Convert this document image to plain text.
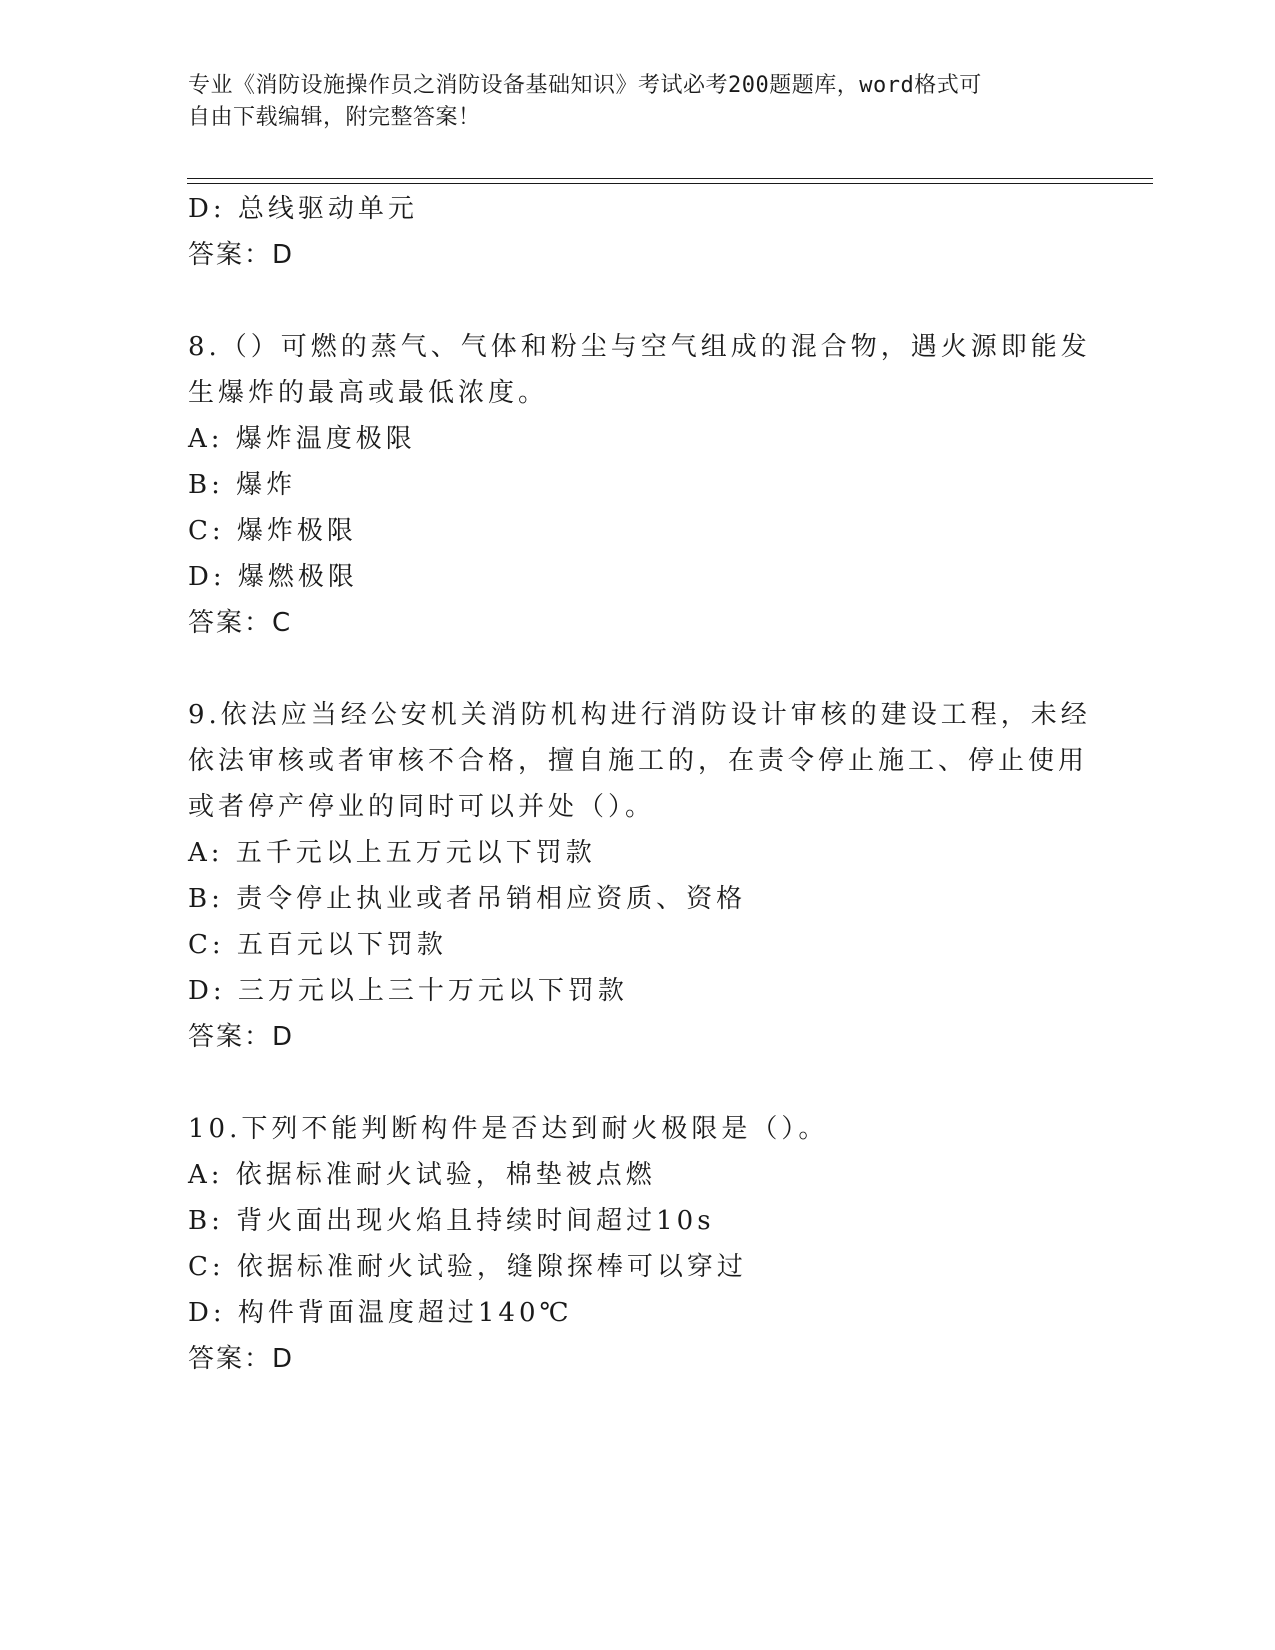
专业《消防设施操作员之消防设备基础知识》考试必考200题题库，word格式可
自由下载编辑，附完整答案！
D: 总线驱动单元
答案：D
8.（）可燃的蒸气、气体和粉尘与空气组成的混合物，遇火源即能发
生爆炸的最高或最低浓度。
A: 爆炸温度极限
B: 爆炸
C: 爆炸极限
D: 爆燃极限
答案：C
9.依法应当经公安机关消防机构进行消防设计审核的建设工程，未经
依法审核或者审核不合格，擅自施工的，在责令停止施工、停止使用
或者停产停业的同时可以并处（）。
A: 五千元以上五万元以下罚款
B: 责令停止执业或者吊销相应资质、资格
C: 五百元以下罚款
D: 三万元以上三十万元以下罚款
答案：D
10.下列不能判断构件是否达到耐火极限是（）。
A: 依据标准耐火试验，棉垫被点燃
B: 背火面出现火焰且持续时间超过10s
C: 依据标准耐火试验，缝隙探棒可以穿过
D: 构件背面温度超过140℃
答案：D
